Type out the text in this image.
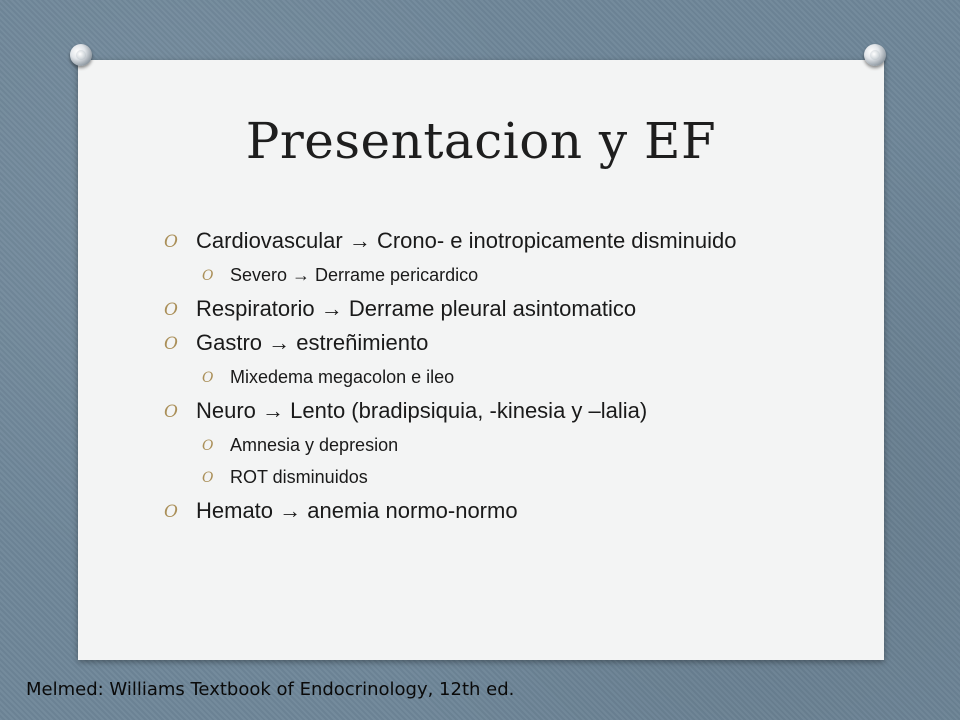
Presentacion y EF
O Cardiovascular → Crono- e inotropicamente disminuido
O Severo → Derrame pericardico
O Respiratorio → Derrame pleural asintomatico
O Gastro → estreñimiento
O Mixedema megacolon e ileo
O Neuro → Lento (bradipsiquia, -kinesia y –lalia)
O Amnesia y depresion
O ROT disminuidos
O Hemato → anemia normo-normo
Melmed: Williams Textbook of Endocrinology, 12th ed.
